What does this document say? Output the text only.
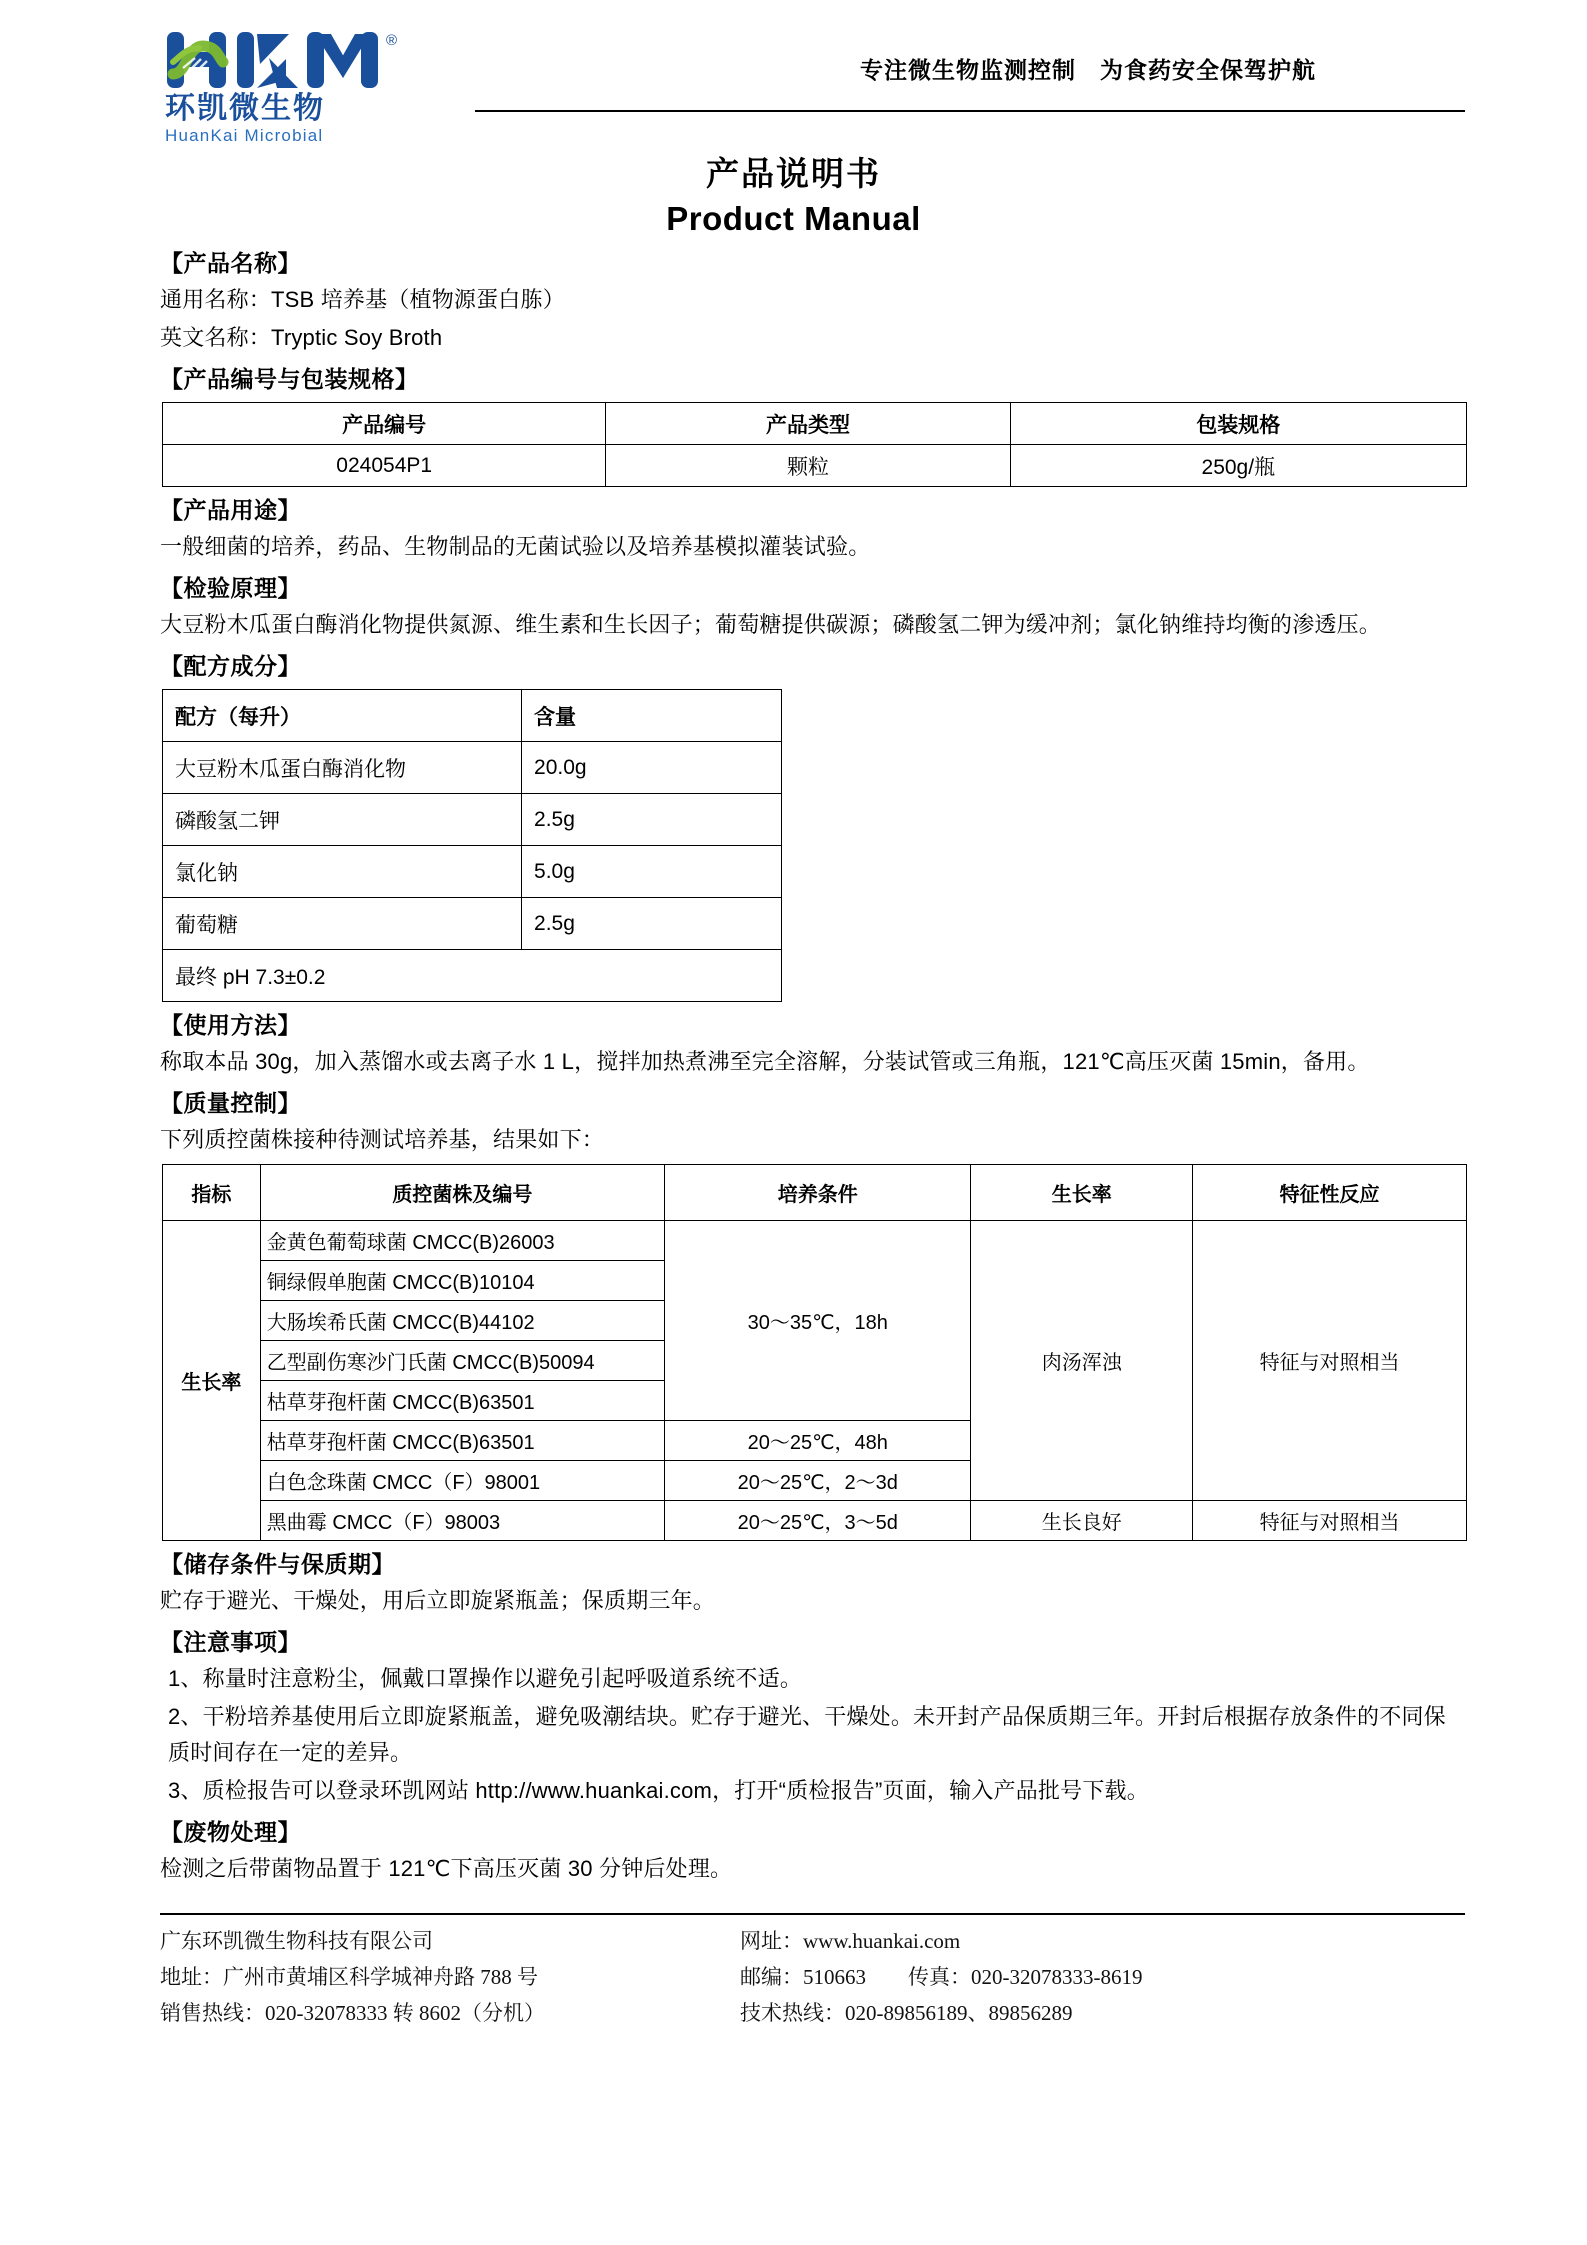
®
环凯微生物
HuanKai Microbial
专注微生物监测控制　为食药安全保驾护航
产品说明书
Product Manual
【产品名称】
通用名称：TSB 培养基（植物源蛋白胨）
英文名称：Tryptic Soy Broth
【产品编号与包装规格】
产品编号	产品类型	包装规格
024054P1	颗粒	250g/瓶
【产品用途】
一般细菌的培养，药品、生物制品的无菌试验以及培养基模拟灌装试验。
【检验原理】
大豆粉木瓜蛋白酶消化物提供氮源、维生素和生长因子；葡萄糖提供碳源；磷酸氢二钾为缓冲剂；氯化钠维持均衡的渗透压。
【配方成分】
配方（每升）	含量
大豆粉木瓜蛋白酶消化物	20.0g
磷酸氢二钾	2.5g
氯化钠	5.0g
葡萄糖	2.5g
最终 pH 7.3±0.2	
【使用方法】
称取本品 30g，加入蒸馏水或去离子水 1 L，搅拌加热煮沸至完全溶解，分装试管或三角瓶，121℃高压灭菌 15min，备用。
【质量控制】
下列质控菌株接种待测试培养基，结果如下：
指标	质控菌株及编号	培养条件	生长率	特征性反应
生长率	金黄色葡萄球菌 CMCC(B)26003	30～35℃，18h	肉汤浑浊	特征与对照相当
	铜绿假单胞菌 CMCC(B)10104			
	大肠埃希氏菌 CMCC(B)44102			
	乙型副伤寒沙门氏菌 CMCC(B)50094			
	枯草芽孢杆菌 CMCC(B)63501			
	枯草芽孢杆菌 CMCC(B)63501	20～25℃，48h		
	白色念珠菌 CMCC（F）98001	20～25℃，2～3d		
	黑曲霉 CMCC（F）98003	20～25℃，3～5d	生长良好	特征与对照相当
【储存条件与保质期】
贮存于避光、干燥处，用后立即旋紧瓶盖；保质期三年。
【注意事项】
1、称量时注意粉尘，佩戴口罩操作以避免引起呼吸道系统不适。
2、干粉培养基使用后立即旋紧瓶盖，避免吸潮结块。贮存于避光、干燥处。未开封产品保质期三年。开封后根据存放条件的不同保质时间存在一定的差异。
3、质检报告可以登录环凯网站 http://www.huankai.com，打开“质检报告”页面，输入产品批号下载。
【废物处理】
检测之后带菌物品置于 121℃下高压灭菌 30 分钟后处理。
广东环凯微生物科技有限公司
地址：广州市黄埔区科学城神舟路 788 号
销售热线：020-32078333 转 8602（分机）
网址：www.huankai.com
邮编：510663　　传真：020-32078333-8619
技术热线：020-89856189、89856289
